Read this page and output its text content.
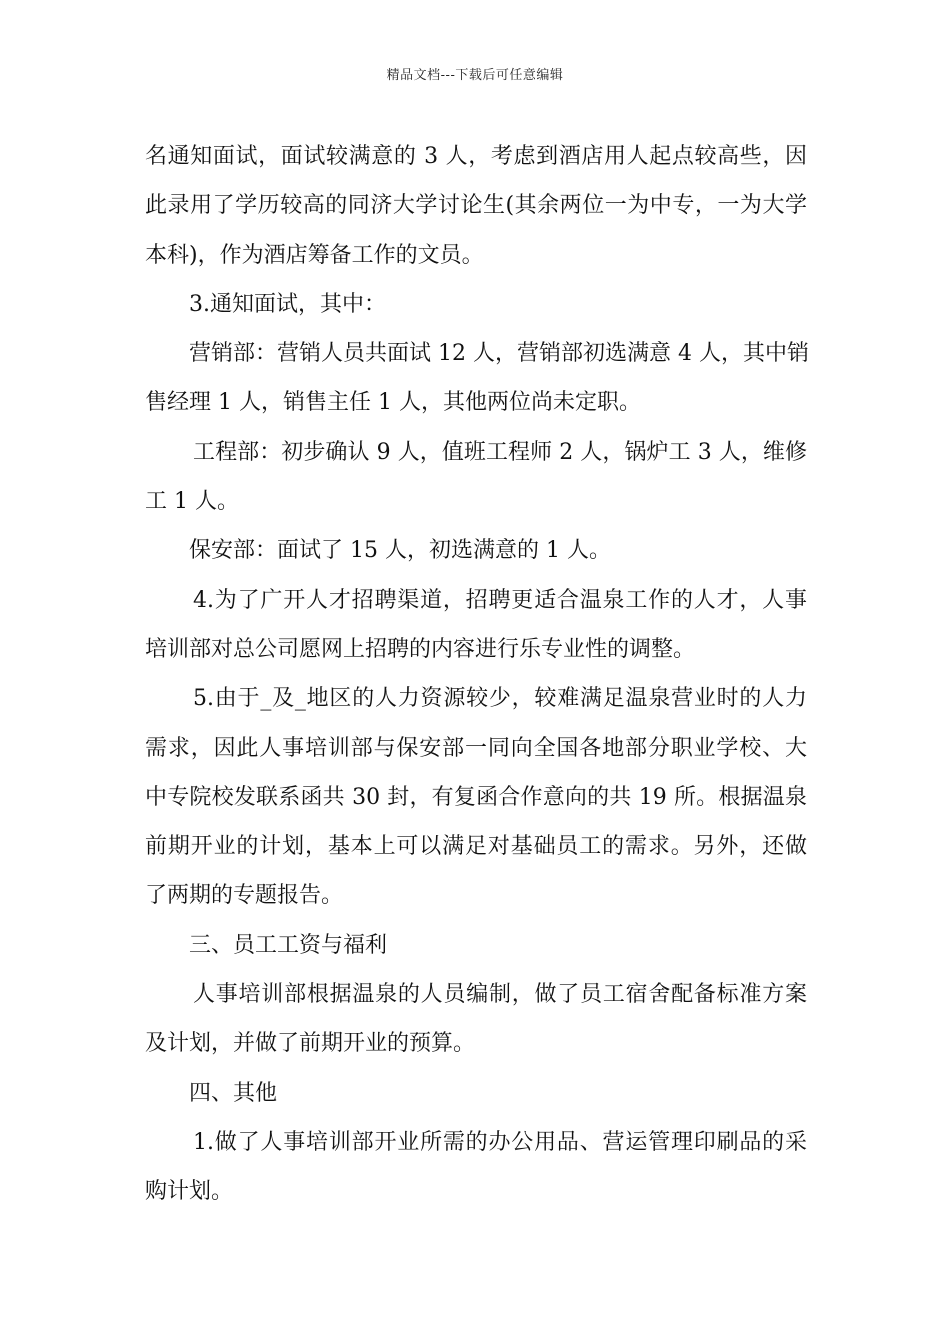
精品文档---下载后可任意编辑
名通知面试，面试较满意的 3 人，考虑到酒店用人起点较高些，因
此录用了学历较高的同济大学讨论生(其余两位一为中专，一为大学
本科)，作为酒店筹备工作的文员。
3.通知面试，其中：
营销部：营销人员共面试 12 人，营销部初选满意 4 人，其中销
售经理 1 人，销售主任 1 人，其他两位尚未定职。
工程部：初步确认 9 人，值班工程师 2 人，锅炉工 3 人，维修
工 1 人。
保安部：面试了 15 人，初选满意的 1 人。
4.为了广开人才招聘渠道，招聘更适合温泉工作的人才，人事
培训部对总公司愿网上招聘的内容进行乐专业性的调整。
5.由于_及_地区的人力资源较少，较难满足温泉营业时的人力
需求，因此人事培训部与保安部一同向全国各地部分职业学校、大
中专院校发联系函共 30 封，有复函合作意向的共 19 所。根据温泉
前期开业的计划，基本上可以满足对基础员工的需求。另外，还做
了两期的专题报告。
三、员工工资与福利
人事培训部根据温泉的人员编制，做了员工宿舍配备标准方案
及计划，并做了前期开业的预算。
四、其他
1.做了人事培训部开业所需的办公用品、营运管理印刷品的采
购计划。
